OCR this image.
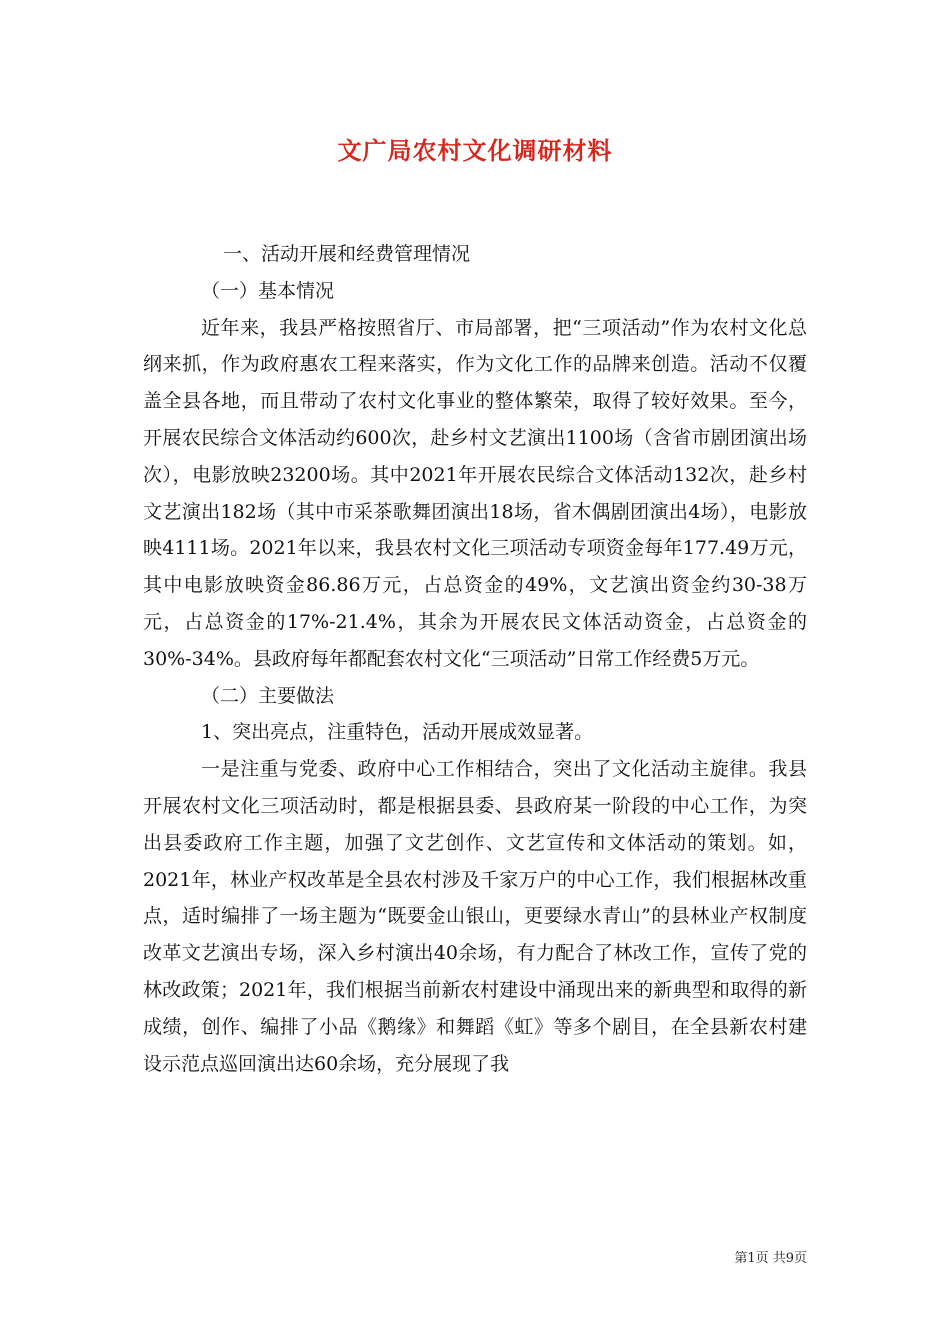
文广局农村文化调研材料

一、活动开展和经费管理情况

（一）基本情况

近年来，我县严格按照省厅、市局部署，把“三项活动”作为农村文化总纲来抓，作为政府惠农工程来落实，作为文化工作的品牌来创造。活动不仅覆盖全县各地，而且带动了农村文化事业的整体繁荣，取得了较好效果。至今，开展农民综合文体活动约600次，赴乡村文艺演出1100场（含省市剧团演出场次），电影放映23200场。其中2021年开展农民综合文体活动132次，赴乡村文艺演出182场（其中市采茶歌舞团演出18场，省木偶剧团演出4场），电影放映4111场。2021年以来，我县农村文化三项活动专项资金每年177.49万元，其中电影放映资金86.86万元，占总资金的49%，文艺演出资金约30-38万元，占总资金的17%-21.4%，其余为开展农民文体活动资金，占总资金的30%-34%。县政府每年都配套农村文化“三项活动”日常工作经费5万元。

（二）主要做法

1、突出亮点，注重特色，活动开展成效显著。

一是注重与党委、政府中心工作相结合，突出了文化活动主旋律。我县开展农村文化三项活动时，都是根据县委、县政府某一阶段的中心工作，为突出县委政府工作主题，加强了文艺创作、文艺宣传和文体活动的策划。如，2021年，林业产权改革是全县农村涉及千家万户的中心工作，我们根据林改重点，适时编排了一场主题为“既要金山银山，更要绿水青山”的县林业产权制度改革文艺演出专场，深入乡村演出40余场，有力配合了林改工作，宣传了党的林改政策；2021年，我们根据当前新农村建设中涌现出来的新典型和取得的新成绩，创作、编排了小品《鹅缘》和舞蹈《虹》等多个剧目，在全县新农村建设示范点巡回演出达60余场，充分展现了我

第1页 共9页
